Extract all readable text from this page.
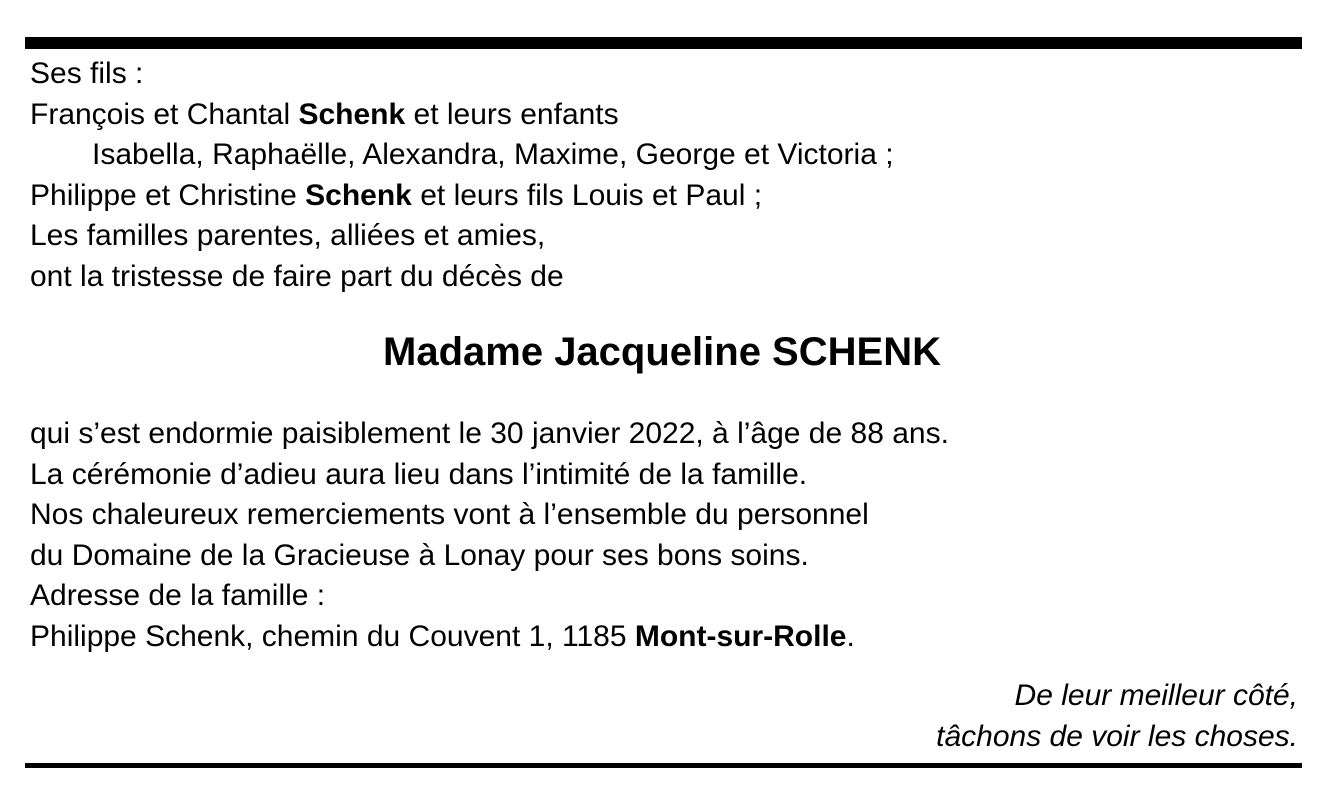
Ses fils :
François et Chantal Schenk et leurs enfants
Isabella, Raphaëlle, Alexandra, Maxime, George et Victoria ;
Philippe et Christine Schenk et leurs fils Louis et Paul ;
Les familles parentes, alliées et amies,
ont la tristesse de faire part du décès de
Madame Jacqueline SCHENK
qui s’est endormie paisiblement le 30 janvier 2022, à l’âge de 88 ans.
La cérémonie d’adieu aura lieu dans l’intimité de la famille.
Nos chaleureux remerciements vont à l’ensemble du personnel
du Domaine de la Gracieuse à Lonay pour ses bons soins.
Adresse de la famille :
Philippe Schenk, chemin du Couvent 1, 1185 Mont-sur-Rolle.
De leur meilleur côté,
tâchons de voir les choses.
